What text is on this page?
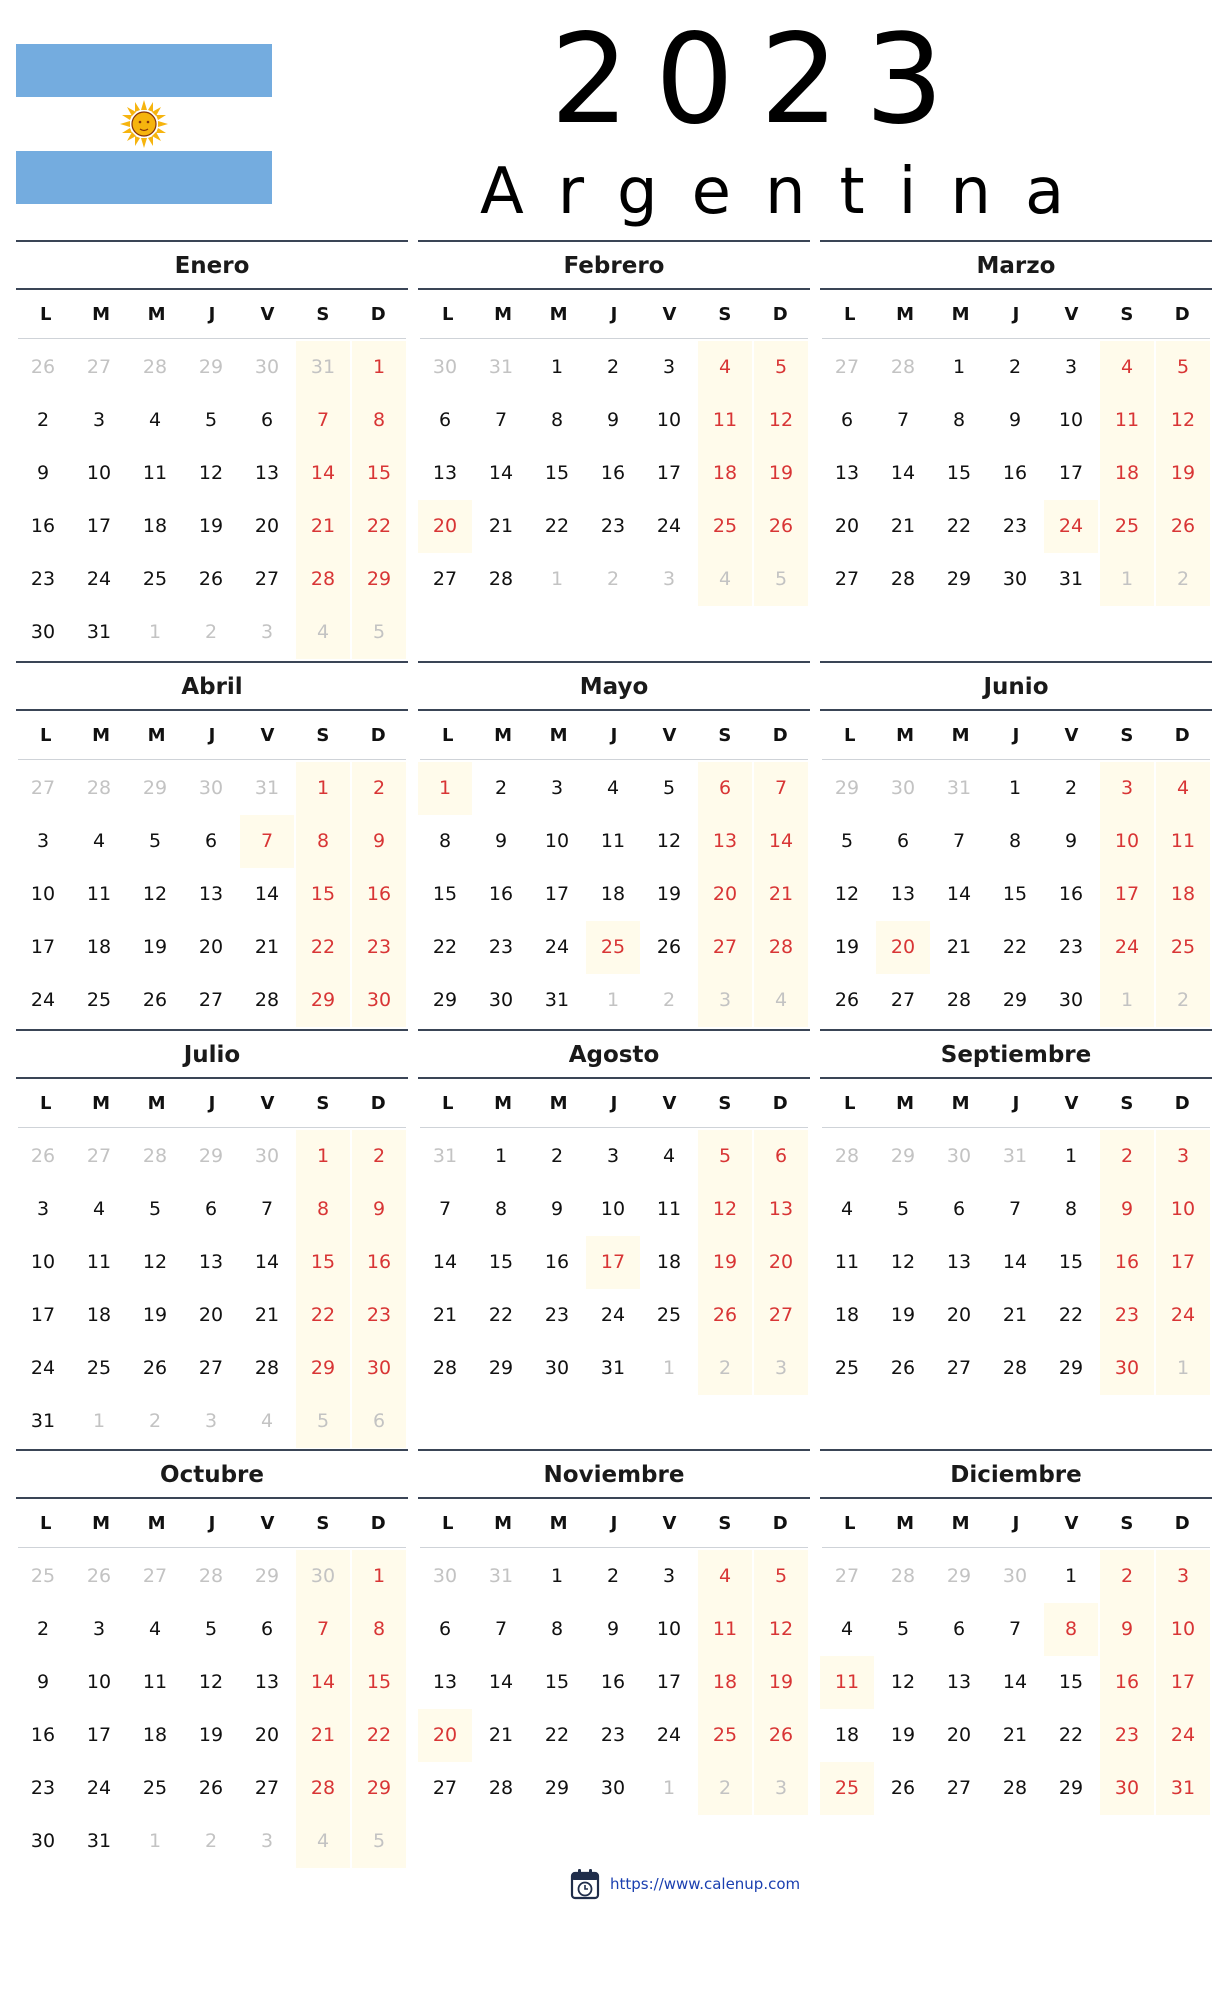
2023
Argentina
Enero
L	M	M	J	V	S	D
26	27	28	29	30	31	1
2	3	4	5	6	7	8
9	10	11	12	13	14	15
16	17	18	19	20	21	22
23	24	25	26	27	28	29
30	31	1	2	3	4	5
Febrero
L	M	M	J	V	S	D
30	31	1	2	3	4	5
6	7	8	9	10	11	12
13	14	15	16	17	18	19
20	21	22	23	24	25	26
27	28	1	2	3	4	5
Marzo
L	M	M	J	V	S	D
27	28	1	2	3	4	5
6	7	8	9	10	11	12
13	14	15	16	17	18	19
20	21	22	23	24	25	26
27	28	29	30	31	1	2
Abril
L	M	M	J	V	S	D
27	28	29	30	31	1	2
3	4	5	6	7	8	9
10	11	12	13	14	15	16
17	18	19	20	21	22	23
24	25	26	27	28	29	30
Mayo
L	M	M	J	V	S	D
1	2	3	4	5	6	7
8	9	10	11	12	13	14
15	16	17	18	19	20	21
22	23	24	25	26	27	28
29	30	31	1	2	3	4
Junio
L	M	M	J	V	S	D
29	30	31	1	2	3	4
5	6	7	8	9	10	11
12	13	14	15	16	17	18
19	20	21	22	23	24	25
26	27	28	29	30	1	2
Julio
L	M	M	J	V	S	D
26	27	28	29	30	1	2
3	4	5	6	7	8	9
10	11	12	13	14	15	16
17	18	19	20	21	22	23
24	25	26	27	28	29	30
31	1	2	3	4	5	6
Agosto
L	M	M	J	V	S	D
31	1	2	3	4	5	6
7	8	9	10	11	12	13
14	15	16	17	18	19	20
21	22	23	24	25	26	27
28	29	30	31	1	2	3
Septiembre
L	M	M	J	V	S	D
28	29	30	31	1	2	3
4	5	6	7	8	9	10
11	12	13	14	15	16	17
18	19	20	21	22	23	24
25	26	27	28	29	30	1
Octubre
L	M	M	J	V	S	D
25	26	27	28	29	30	1
2	3	4	5	6	7	8
9	10	11	12	13	14	15
16	17	18	19	20	21	22
23	24	25	26	27	28	29
30	31	1	2	3	4	5
Noviembre
L	M	M	J	V	S	D
30	31	1	2	3	4	5
6	7	8	9	10	11	12
13	14	15	16	17	18	19
20	21	22	23	24	25	26
27	28	29	30	1	2	3
Diciembre
L	M	M	J	V	S	D
27	28	29	30	1	2	3
4	5	6	7	8	9	10
11	12	13	14	15	16	17
18	19	20	21	22	23	24
25	26	27	28	29	30	31
https://www.calenup.com
